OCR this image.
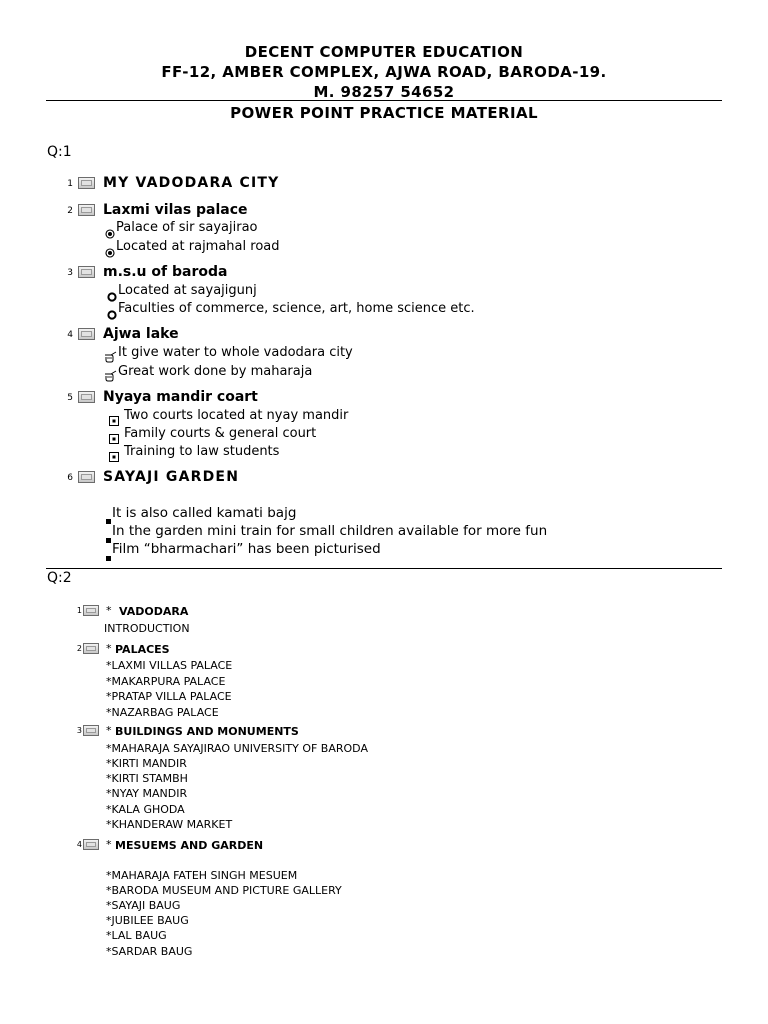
DECENT COMPUTER EDUCATION
FF-12, AMBER COMPLEX, AJWA ROAD, BARODA-19.
M. 98257 54652
POWER POINT PRACTICE MATERIAL
Q:1
1 MY VADODARA CITY
2 Laxmi vilas palace
Palace of sir sayajirao
Located at rajmahal road
3 m.s.u of baroda
Located at sayajigunj
Faculties of commerce, science, art, home science etc.
4 Ajwa lake
It give water to whole vadodara city
Great work done by maharaja
5 Nyaya mandir coart
Two courts located at nyay mandir
Family courts & general court
Training to law students
6 SAYAJI GARDEN
It is also called kamati bajg
In the garden mini train for small children available for more fun
Film “bharmachari” has been picturised
Q:2
1 * VADODARA
INTRODUCTION
2 * PALACES
*LAXMI VILLAS PALACE
*MAKARPURA PALACE
*PRATAP VILLA PALACE
*NAZARBAG PALACE
3 * BUILDINGS AND MONUMENTS
*MAHARAJA SAYAJIRAO UNIVERSITY OF BARODA
*KIRTI MANDIR
*KIRTI STAMBH
*NYAY MANDIR
*KALA GHODA
*KHANDERAW MARKET
4 * MESUEMS AND GARDEN
*MAHARAJA FATEH SINGH MESUEM
*BARODA MUSEUM AND PICTURE GALLERY
*SAYAJI BAUG
*JUBILEE BAUG
*LAL BAUG
*SARDAR BAUG
